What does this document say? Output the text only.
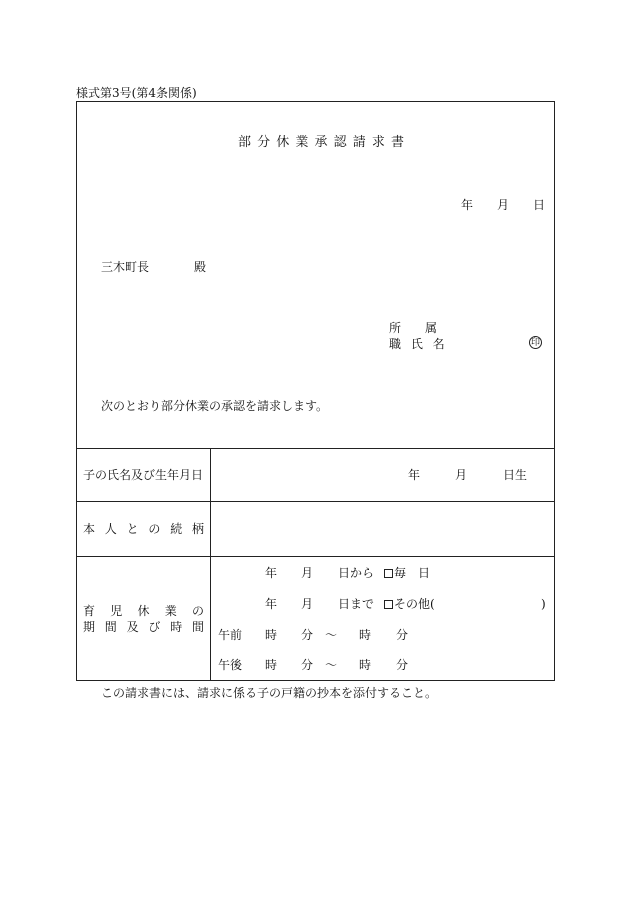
様式第3号(第4条関係)
部 分 休 業 承 認 請 求 書
年 月 日
三木町長	殿
所　　属
職 氏 名	印
次のとおり部分休業の承認を請求します。
子の氏名及び生年月日	年	月	日生
本 人 と の 続 柄
育 児 休 業 の
期 間 及 び 時 間
年 月 日から	毎　日
年 月 日まで	その他(	)
午前 時 分 〜 時 分
午後 時 分 〜 時 分
この請求書には、請求に係る子の戸籍の抄本を添付すること。
